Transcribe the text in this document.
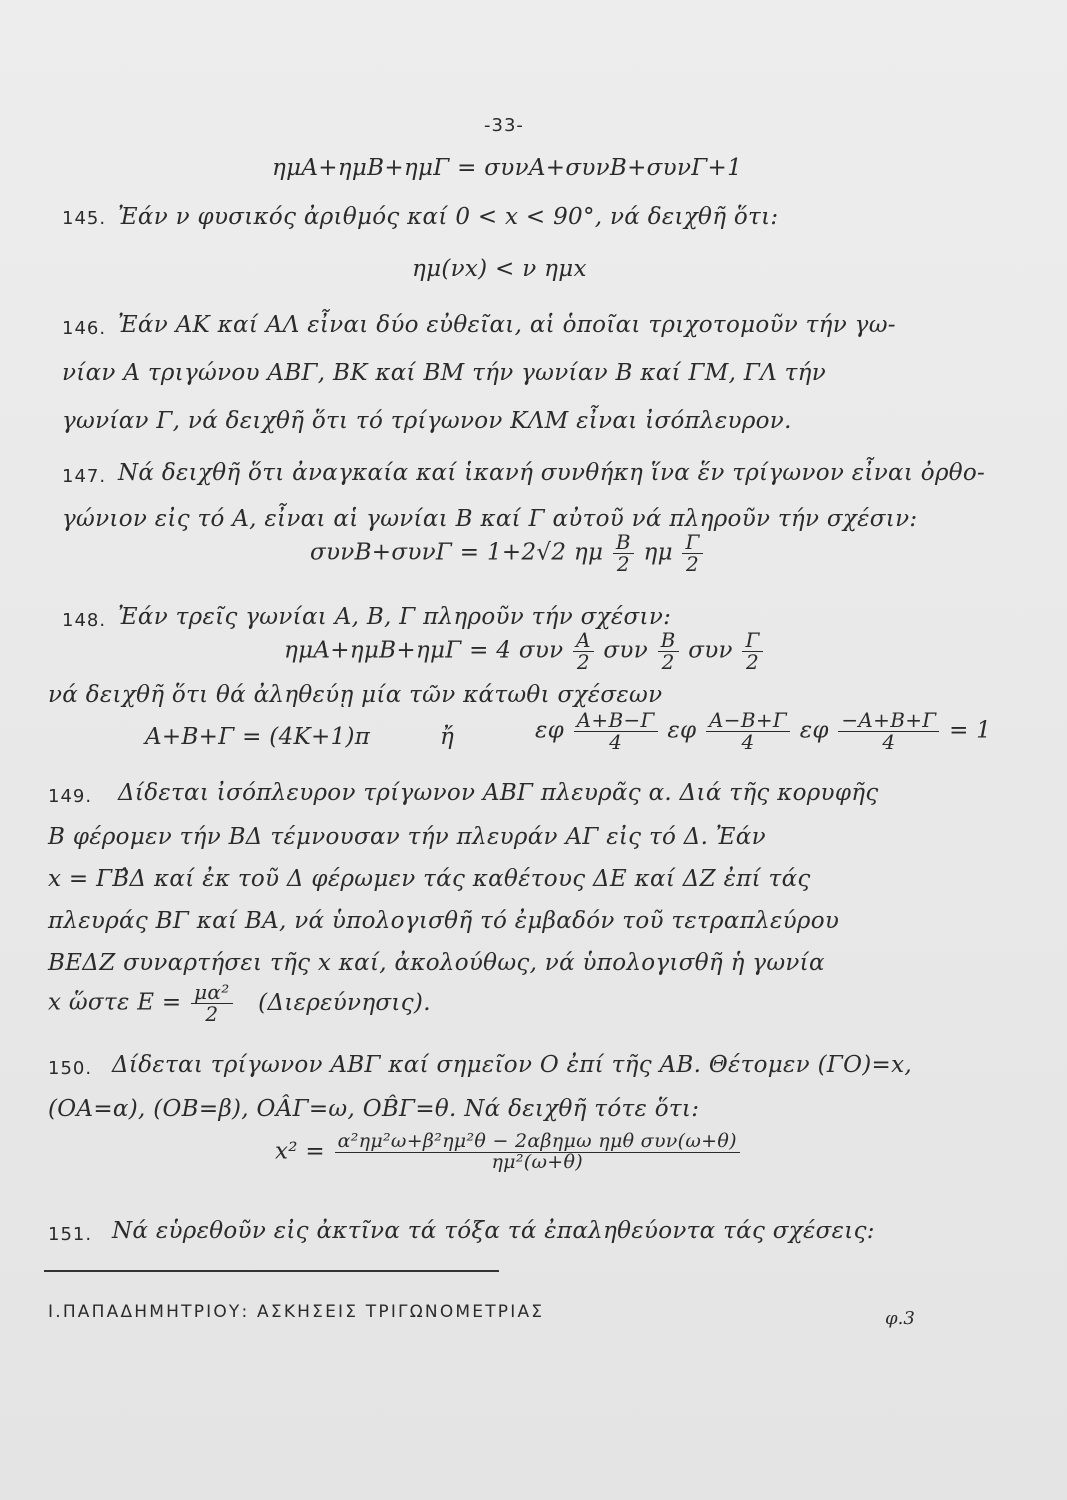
-33-
ημΑ+ημΒ+ημΓ = συνΑ+συνΒ+συνΓ+1
145. Ἐάν ν φυσικός ἀριθμός καί 0 < x < 90°, νά δειχθῆ ὅτι:
ημ(νx) < ν ημx
146. Ἐάν ΑΚ καί ΑΛ εἶναι δύο εὐθεῖαι, αἱ ὁποῖαι τριχοτομοῦν τήν γω-
νίαν Α τριγώνου ΑΒΓ, ΒΚ καί ΒΜ τήν γωνίαν Β καί ΓΜ, ΓΛ τήν
γωνίαν Γ, νά δειχθῆ ὅτι τό τρίγωνον ΚΛΜ εἶναι ἰσόπλευρον.
147. Νά δειχθῆ ὅτι ἀναγκαία καί ἱκανή συνθήκη ἵνα ἕν τρίγωνον εἶναι ὀρθο-
γώνιον εἰς τό Α, εἶναι αἱ γωνίαι Β καί Γ αὐτοῦ νά πληροῦν τήν σχέσιν:
συνΒ+συνΓ = 1+2√2 ημ $\frac{B}{2}$ ημ $\frac{\Gamma}{2}$
148. Ἐάν τρεῖς γωνίαι Α, Β, Γ πληροῦν τήν σχέσιν:
ημΑ+ημΒ+ημΓ = 4 συν $\frac{A}{2}$ συν $\frac{B}{2}$ συν $\frac{\Gamma}{2}$
νά δειχθῆ ὅτι θά ἀληθεύῃ μία τῶν κάτωθι σχέσεων
Α+Β+Γ = (4Κ+1)π	ἤ	εφ $\frac{A+B-\Gamma}{4}$ εφ $\frac{A-B+\Gamma}{4}$ εφ $\frac{-A+B+\Gamma}{4} = 1$
149. Δίδεται ἰσόπλευρον τρίγωνον ΑΒΓ πλευρᾶς α. Διά τῆς κορυφῆς
Β φέρομεν τήν ΒΔ τέμνουσαν τήν πλευράν ΑΓ εἰς τό Δ. Ἐάν
x = ΓΒ̂Δ καί ἐκ τοῦ Δ φέρωμεν τάς καθέτους ΔΕ καί ΔΖ ἐπί τάς
πλευράς ΒΓ καί ΒΑ, νά ὑπολογισθῆ τό ἐμβαδόν τοῦ τετραπλεύρου
ΒΕΔΖ συναρτήσει τῆς x καί, ἀκολούθως, νά ὑπολογισθῆ ἡ γωνία
x ὥστε $E = \frac{\text{μα²}}{2} (\Delta\iota\varepsilon\rho\varepsilon ύ\nu\eta\sigma\iota\varsigma)$.
150. Δίδεται τρίγωνον ΑΒΓ καί σημεῖον Ο ἐπί τῆς ΑΒ. Θέτομεν (ΓΟ)=x,
(ΟΑ=α), (ΟΒ=β), ΟÂΓ=ω, ΟB̂Γ=θ. Νά δειχθῆ τότε ὅτι:
$x^2 = \frac{\text{α²ημ²ω+β²ημ²θ − 2αβημω ημθ συν(ω+θ)}}{\text{ημ²(ω+θ)}}$
151. Νά εὑρεθοῦν εἰς ἀκτῖνα τά τόξα τά ἐπαληθεύοντα τάς σχέσεις:
Ι.ΠΑΠΑΔΗΜΗΤΡΙΟΥ: ΑΣΚΗΣΕΙΣ ΤΡΙΓΩΝΟΜΕΤΡΙΑΣ	φ.3
